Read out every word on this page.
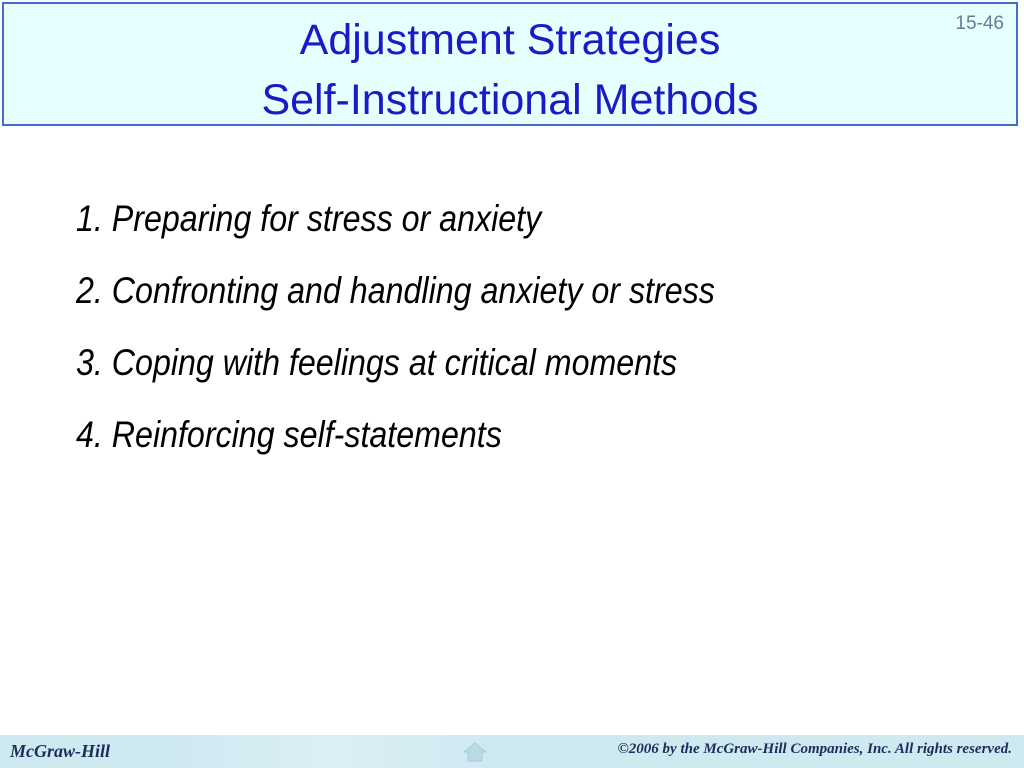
Adjustment Strategies
Self-Instructional Methods
15-46
1. Preparing for stress or anxiety
2. Confronting and handling anxiety or stress
3. Coping with feelings at critical moments
4. Reinforcing self-statements
McGraw-Hill	©2006 by the McGraw-Hill Companies, Inc. All rights reserved.
